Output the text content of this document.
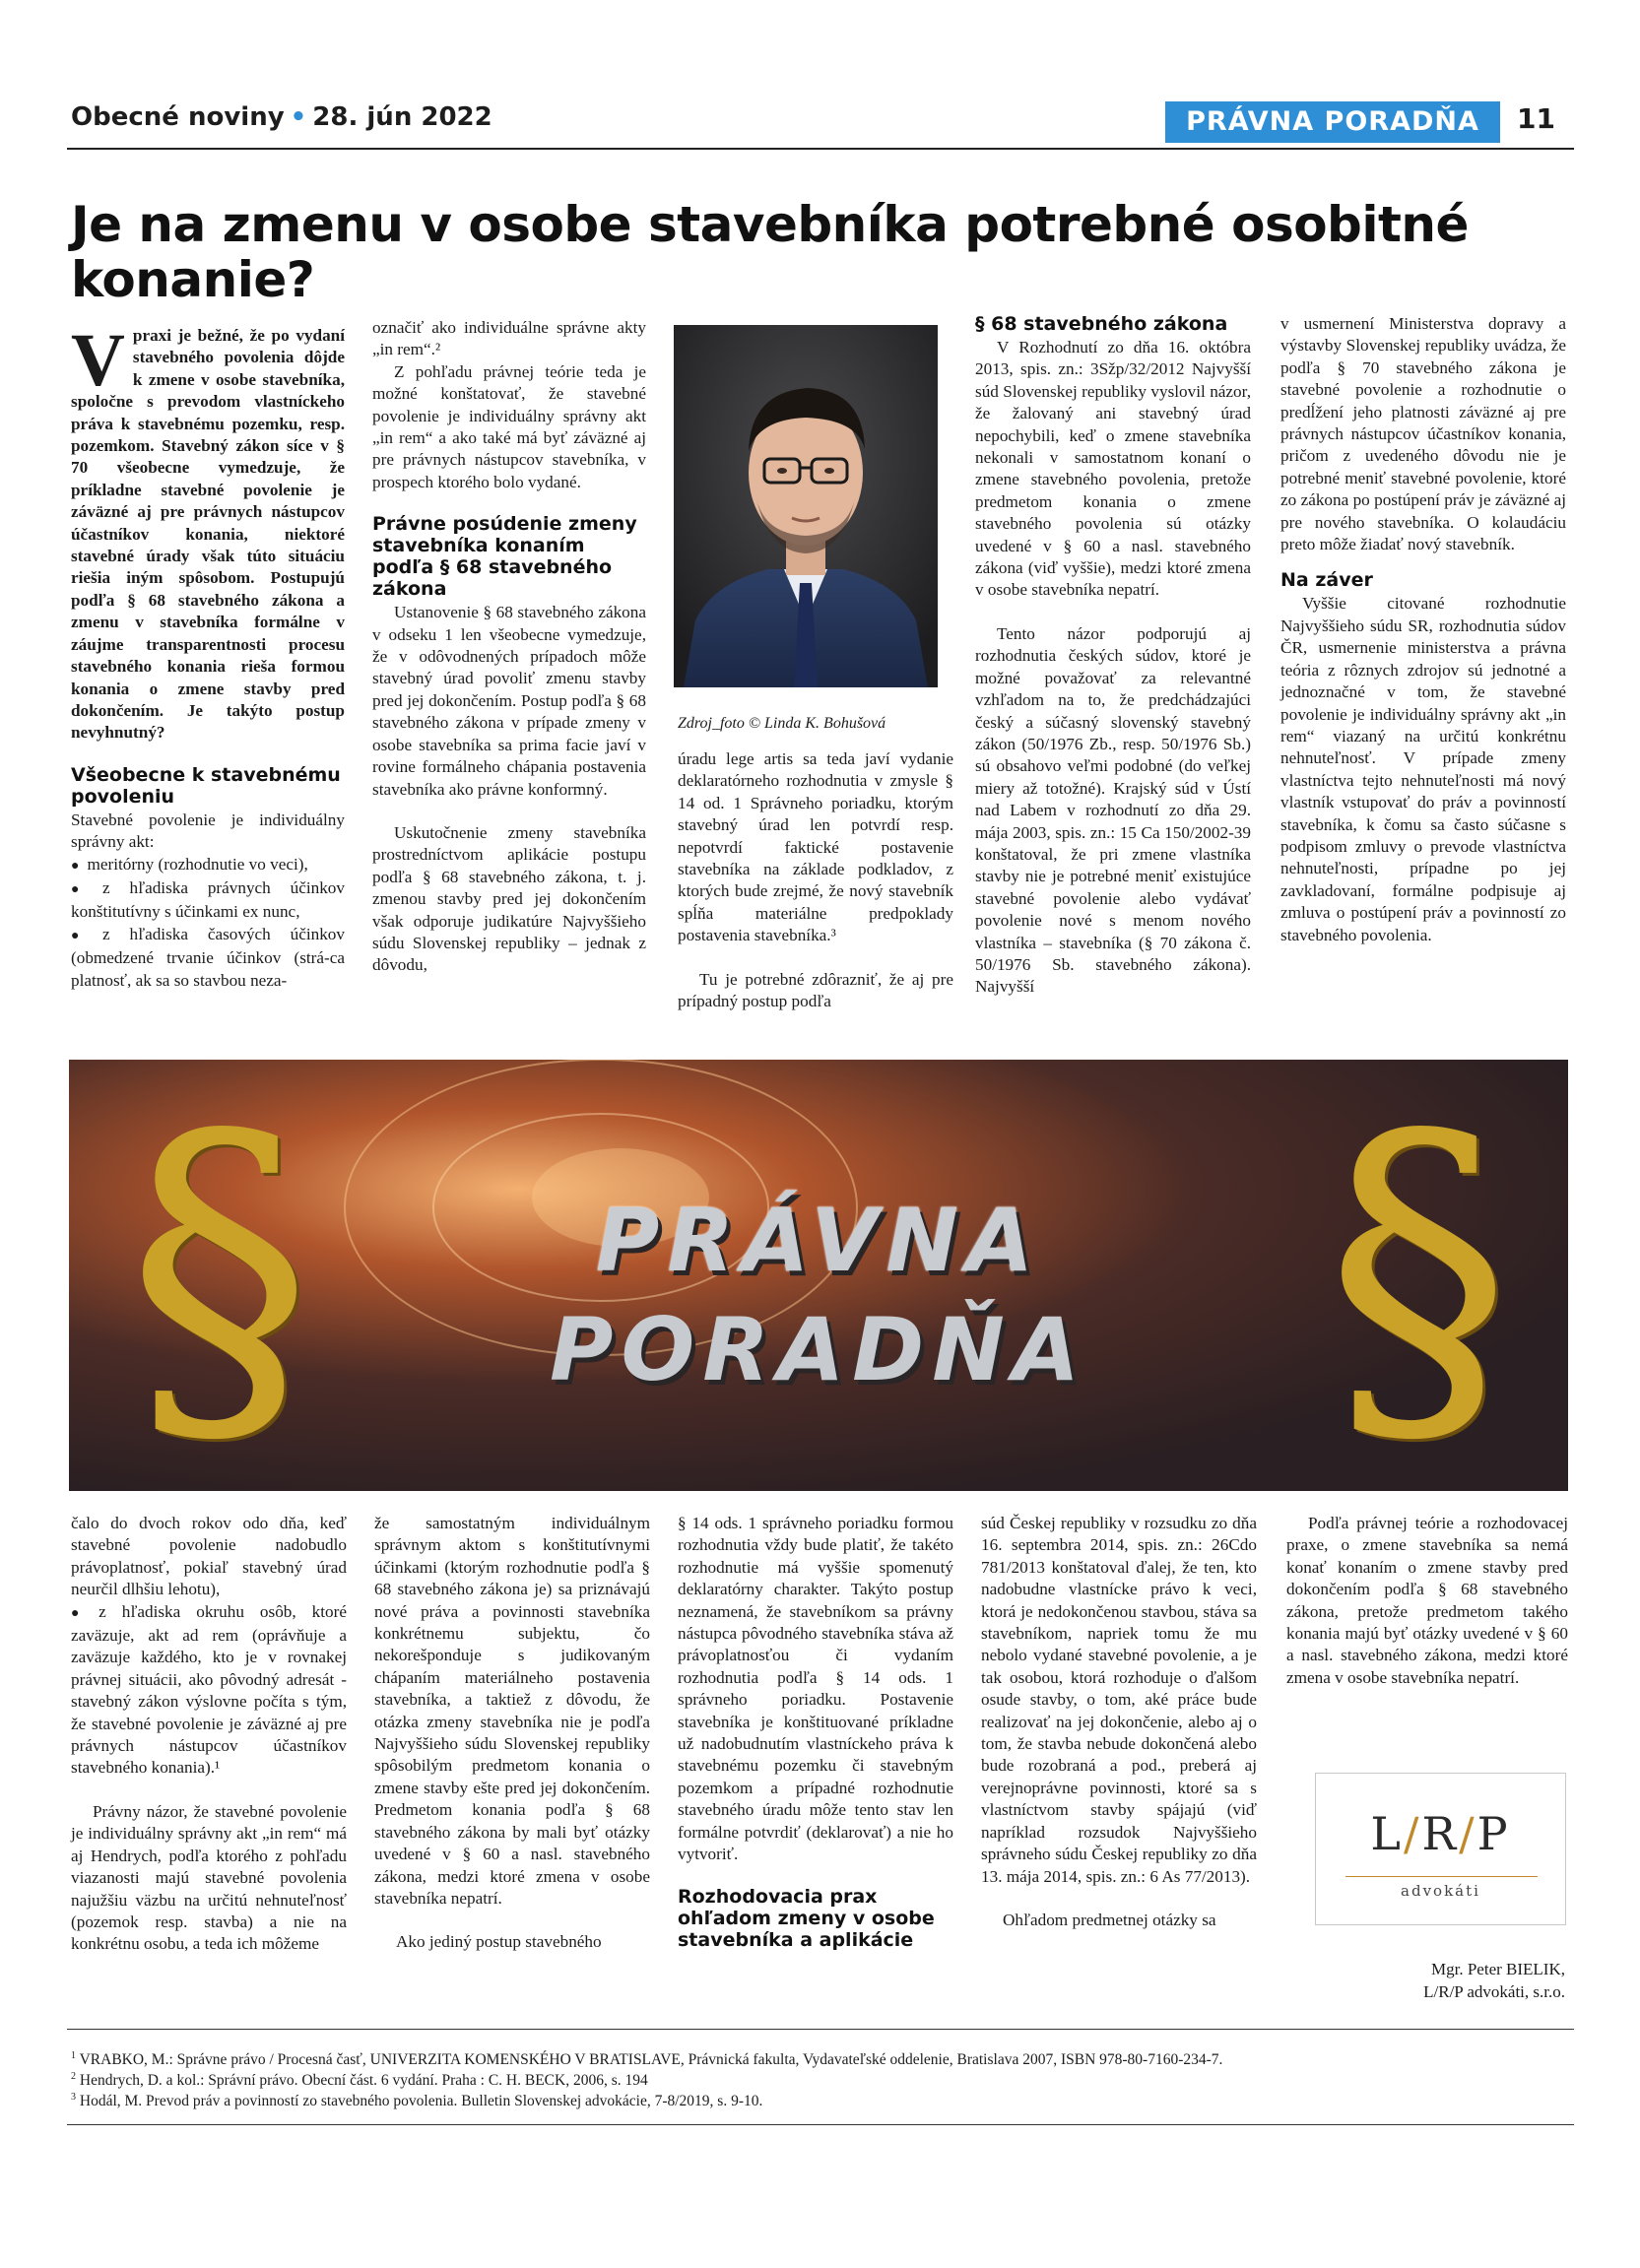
Obecné noviny • 28. jún 2022	PRÁVNA PORADŇA	11
Je na zmenu v osobe stavebníka potrebné osobitné konanie?

Vpraxi je bežné, že po vydaní stavebného povolenia dôjde k zmene v osobe stavebníka, spoločne s prevodom vlastníckeho práva k stavebnému pozemku, resp. pozemkom. Stavebný zákon síce v § 70 všeobecne vymedzuje, že príkladne stavebné povolenie je záväzné aj pre právnych nástupcov účastníkov konania, niektoré stavebné úrady však túto situáciu riešia iným spôsobom. Postupujú podľa § 68 stavebného zákona a zmenu v stavebníka formálne v záujme transparentnosti procesu stavebného konania rieša formou konania o zmene stavby pred dokončením. Je takýto postup nevyhnutný?

Všeobecne k stavebnému povoleniu

Stavebné povolenie je individuálny správny akt:

● meritórny (rozhodnutie vo veci),

● z hľadiska právnych účinkov konštitutívny s účinkami ex nunc,

● z hľadiska časových účinkov (obmedzené trvanie účinkov (strá-ca platnosť, ak sa so stavbou neza-

označiť ako individuálne správne akty „in rem“.²

Z pohľadu právnej teórie teda je možné konštatovať, že stavebné povolenie je individuálny správny akt „in rem“ a ako také má byť záväzné aj pre právnych nástupcov stavebníka, v prospech ktorého bolo vydané.

Právne posúdenie zmeny stavebníka konaním podľa § 68 stavebného zákona

Ustanovenie § 68 stavebného zákona v odseku 1 len všeobecne vymedzuje, že v odôvodnených prípadoch môže stavebný úrad povoliť zmenu stavby pred jej dokončením. Postup podľa § 68 stavebného zákona v prípade zmeny v osobe stavebníka sa prima facie javí v rovine formálneho chápania postavenia stavebníka ako právne konformný.

Uskutočnenie zmeny stavebníka prostredníctvom aplikácie postupu podľa § 68 stavebného zákona, t. j. zmenou stavby pred jej dokončením však odporuje judikatúre Najvyššieho súdu Slovenskej republiky – jednak z dôvodu,

Zdroj_foto © Linda K. Bohušová

úradu lege artis sa teda javí vydanie deklaratórneho rozhodnutia v zmysle § 14 od. 1 Správneho poriadku, ktorým stavebný úrad len potvrdí resp. nepotvrdí faktické postavenie stavebníka na základe podkladov, z ktorých bude zrejmé, že nový stavebník spĺňa materiálne predpoklady postavenia stavebníka.³

Tu je potrebné zdôrazniť, že aj pre prípadný postup podľa

§ 68 stavebného zákona

V Rozhodnutí zo dňa 16. októbra 2013, spis. zn.: 3Sžp/32/2012 Najvyšší súd Slovenskej republiky vyslovil názor, že žalovaný ani stavebný úrad nepochybili, keď o zmene stavebníka nekonali v samostatnom konaní o zmene stavebného povolenia, pretože predmetom konania o zmene stavebného povolenia sú otázky uvedené v § 60 a nasl. stavebného zákona (viď vyššie), medzi ktoré zmena v osobe stavebníka nepatrí.

Tento názor podporujú aj rozhodnutia českých súdov, ktoré je možné považovať za relevantné vzhľadom na to, že predchádzajúci český a súčasný slovenský stavebný zákon (50/1976 Zb., resp. 50/1976 Sb.) sú obsahovo veľmi podobné (do veľkej miery až totožné). Krajský súd v Ústí nad Labem v rozhodnutí zo dňa 29. mája 2003, spis. zn.: 15 Ca 150/2002-39 konštatoval, že pri zmene vlastníka stavby nie je potrebné meniť existujúce stavebné povolenie alebo vydávať povolenie nové s menom nového vlastníka – stavebníka (§ 70 zákona č. 50/1976 Sb. stavebného zákona). Najvyšší

v usmernení Ministerstva dopravy a výstavby Slovenskej republiky uvádza, že podľa § 70 stavebného zákona je stavebné povolenie a rozhodnutie o predĺžení jeho platnosti záväzné aj pre právnych nástupcov účastníkov konania, pričom z uvedeného dôvodu nie je potrebné meniť stavebné povolenie, ktoré zo zákona po postúpení práv je záväzné aj pre nového stavebníka. O kolaudáciu preto môže žiadať nový stavebník.

Na záver

Vyššie citované rozhodnutie Najvyššieho súdu SR, rozhodnutia súdov ČR, usmernenie ministerstva a právna teória z rôznych zdrojov sú jednotné a jednoznačné v tom, že stavebné povolenie je individuálny správny akt „in rem“ viazaný na určitú konkrétnu nehnuteľnosť. V prípade zmeny vlastníctva tejto nehnuteľnosti má nový vlastník vstupovať do práv a povinností stavebníka, k čomu sa často súčasne s podpisom zmluvy o prevode vlastníctva nehnuteľnosti, prípadne po jej zavkladovaní, formálne podpisuje aj zmluva o postúpení práv a povinností zo stavebného povolenia.

§	§
PRÁVNA
PORADŇA

čalo do dvoch rokov odo dňa, keď stavebné povolenie nadobudlo právoplatnosť, pokiaľ stavebný úrad neurčil dlhšiu lehotu),

● z hľadiska okruhu osôb, ktoré zaväzuje, akt ad rem (oprávňuje a zaväzuje každého, kto je v rovnakej právnej situácii, ako pôvodný adresát - stavebný zákon výslovne počíta s tým, že stavebné povolenie je záväzné aj pre právnych nástupcov účastníkov stavebného konania).¹

Právny názor, že stavebné povolenie je individuálny správny akt „in rem“ má aj Hendrych, podľa ktorého z pohľadu viazanosti majú stavebné povolenia najužšiu väzbu na určitú nehnuteľnosť (pozemok resp. stavba) a nie na konkrétnu osobu, a teda ich môžeme

že samostatným individuálnym správnym aktom s konštitutívnymi účinkami (ktorým rozhodnutie podľa § 68 stavebného zákona je) sa priznávajú nové práva a povinnosti stavebníka konkrétnemu subjektu, čo nekorešponduje s judikovaným chápaním materiálneho postavenia stavebníka, a taktiež z dôvodu, že otázka zmeny stavebníka nie je podľa Najvyššieho súdu Slovenskej republiky spôsobilým predmetom konania o zmene stavby ešte pred jej dokončením. Predmetom konania podľa § 68 stavebného zákona by mali byť otázky uvedené v § 60 a nasl. stavebného zákona, medzi ktoré zmena v osobe stavebníka nepatrí.

Ako jediný postup stavebného

§ 14 ods. 1 správneho poriadku formou rozhodnutia vždy bude platiť, že takéto rozhodnutie má vyššie spomenutý deklaratórny charakter. Takýto postup neznamená, že stavebníkom sa právny nástupca pôvodného stavebníka stáva až právoplatnosťou či vydaním rozhodnutia podľa § 14 ods. 1 správneho poriadku. Postavenie stavebníka je konštituované príkladne už nadobudnutím vlastníckeho práva k stavebnému pozemku či stavebným pozemkom a prípadné rozhodnutie stavebného úradu môže tento stav len formálne potvrdiť (deklarovať) a nie ho vytvoriť.

Rozhodovacia prax ohľadom zmeny v osobe stavebníka a aplikácie

súd Českej republiky v rozsudku zo dňa 16. septembra 2014, spis. zn.: 26Cdo 781/2013 konštatoval ďalej, že ten, kto nadobudne vlastnícke právo k veci, ktorá je nedokončenou stavbou, stáva sa stavebníkom, napriek tomu že mu nebolo vydané stavebné povolenie, a je tak osobou, ktorá rozhoduje o ďalšom osude stavby, o tom, aké práce bude realizovať na jej dokončenie, alebo aj o tom, že stavba nebude dokončená alebo bude rozobraná a pod., preberá aj verejnoprávne povinnosti, ktoré sa s vlastníctvom stavby spájajú (viď napríklad rozsudok Najvyššieho správneho súdu Českej republiky zo dňa 13. mája 2014, spis. zn.: 6 As 77/2013).

Ohľadom predmetnej otázky sa

Podľa právnej teórie a rozhodovacej praxe, o zmene stavebníka sa nemá konať konaním o zmene stavby pred dokončením podľa § 68 stavebného zákona, pretože predmetom takého konania majú byť otázky uvedené v § 60 a nasl. stavebného zákona, medzi ktoré zmena v osobe stavebníka nepatrí.

L/R/P
advokáti
Mgr. Peter BIELIK,
L/R/P advokáti, s.r.o.
$^1$ VRABKO, M.: Správne právo / Procesná časť, UNIVERZITA KOMENSKÉHO V BRATISLAVE, Právnická fakulta, Vydavateľské oddelenie, Bratislava 2007, ISBN 978-80-7160-234-7.
$^2$ Hendrych, D. a kol.: Správní právo. Obecní část. 6 vydání. Praha : C. H. BECK, 2006, s. 194
$^3$ Hodál, M. Prevod práv a povinností zo stavebného povolenia. Bulletin Slovenskej advokácie, 7-8/2019, s. 9-10.
